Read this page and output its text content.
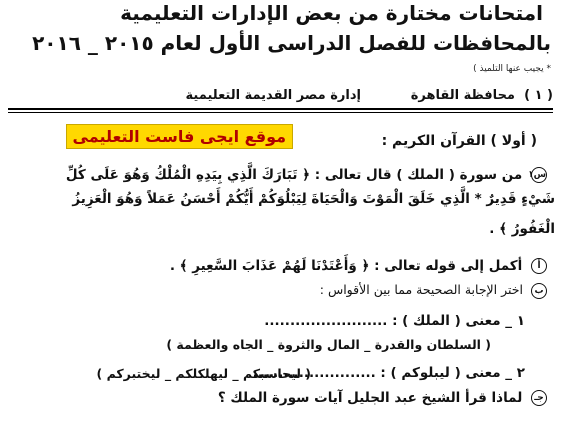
امتحانات مختارة من بعض الإدارات التعليمية
بالمحافظات للفصل الدراسى الأول لعام ٢٠١٥ _ ٢٠١٦
* يجيب عنها التلميذ )
( ١ )
محافظة القاهرة
إدارة مصر القديمة التعليمية
موقع ايجى فاست التعليمى	( أولا ) القرآن الكريم :
س١ من سورة ( الملك ) قال تعالى : ﴿ تَبَارَكَ الَّذِي بِيَدِهِ الْمُلْكُ وَهُوَ عَلَى كُلِّ
شَيْءٍ قَدِيرٌ * الَّذِي خَلَقَ الْمَوْتَ وَالْحَيَاةَ لِيَبْلُوَكُمْ أَيُّكُمْ أَحْسَنُ عَمَلاً وَهُوَ الْعَزِيزُ
الْغَفُورُ ﴾ .
أ أكمل إلى قوله تعالى : ﴿ وَأَعْتَدْنَا لَهُمْ عَذَابَ السَّعِيرِ ﴾ .
ب اختر الإجابة الصحيحة مما بين الأقواس :
١ _ معنى ( الملك ) : ........................
( السلطان والقدرة _ المال والثروة _ الجاه والعظمة )
٢ _ معنى ( ليبلوكم ) : ........................
( ليحاسبكم _ ليهلكلكم _ ليختبركم )
جـ لماذا قرأ الشيخ عبد الجليل آيات سورة الملك ؟
